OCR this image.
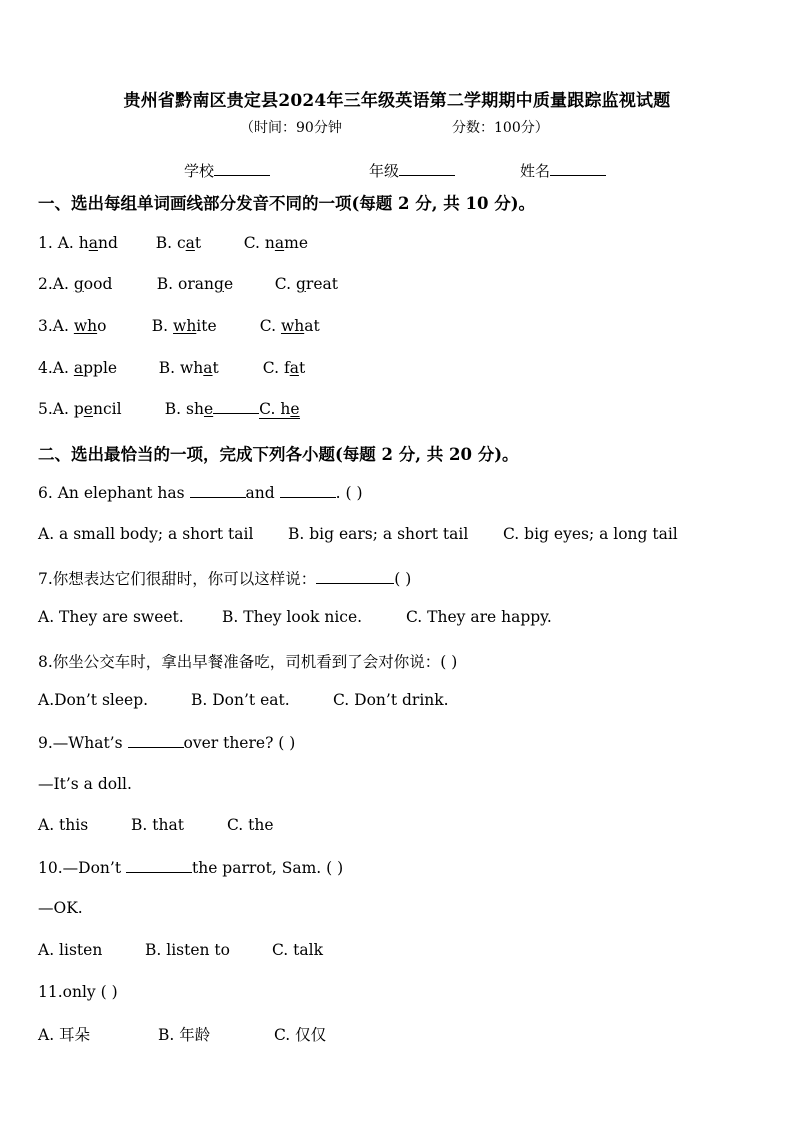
贵州省黔南区贵定县2024年三年级英语第二学期期中质量跟踪监视试题
（时间：90分钟	分数：100分）
学校	年级	姓名
一、选出每组单词画线部分发音不同的一项(每题 2 分, 共 10 分)。
1. A. hand B. cat	C. name
2.A. good	B. orange	C. great
3.A. who	B. white	C. what
4.A. apple	B. what	C. fat
5.A. pencil	B. she	C. he
二、选出最恰当的一项，完成下列各小题(每题 2 分, 共 20 分)。
6. An elephant has	and	. ( )
A. a small body; a short tail B. big ears; a short tail C. big eyes; a long tail
7.你想表达它们很甜时，你可以这样说：	( )
A. They are sweet. B. They look nice.	C. They are happy.
8.你坐公交车时，拿出早餐准备吃，司机看到了会对你说：( )
A.Don’t sleep.	B. Don’t eat.	C. Don’t drink.
9.—What’s	over there? ( )
—It’s a doll.
A. this	B. that	C. the
10.—Don’t	the parrot, Sam. ( )
—OK.
A. listen	B. listen to	C. talk
11.only ( )
A. 耳朵	B. 年龄	C. 仅仅
